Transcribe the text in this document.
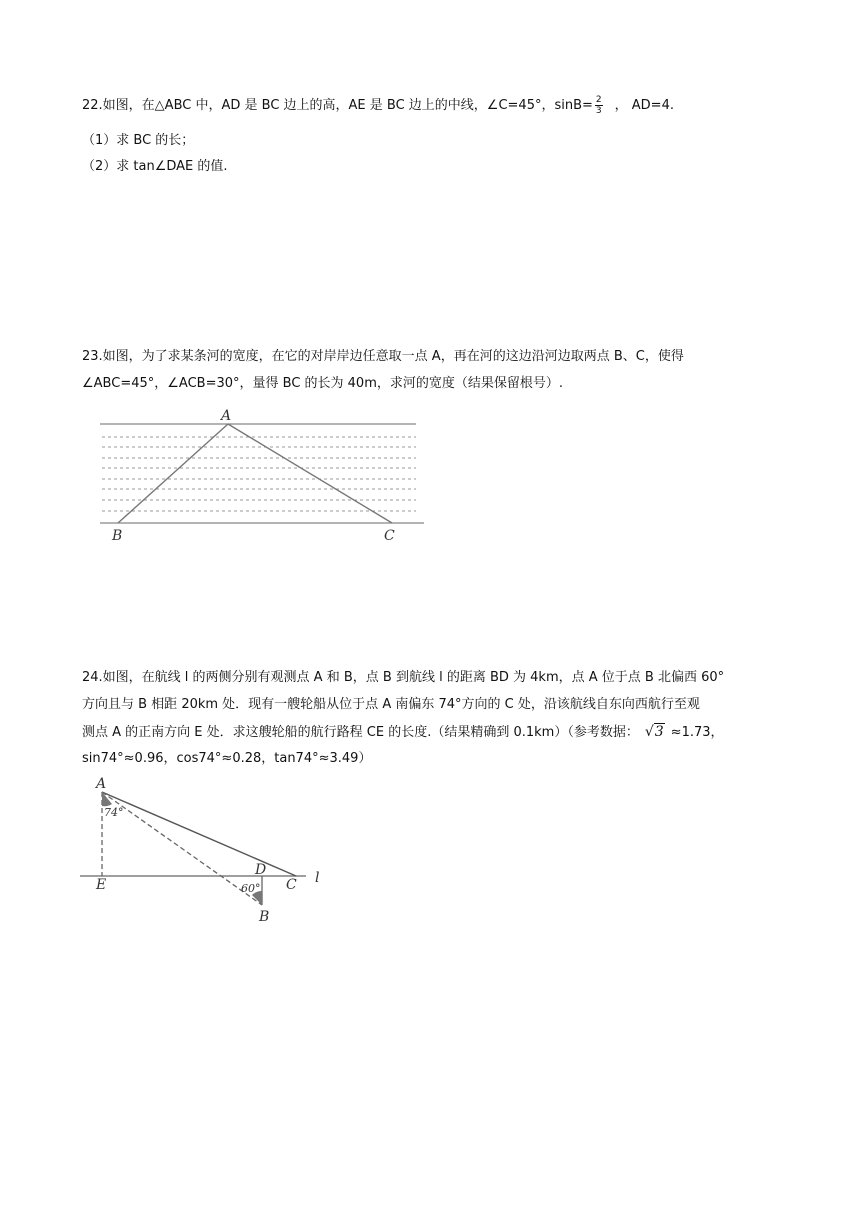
22.如图，在△ABC 中，AD 是 BC 边上的高，AE 是 BC 边上的中线，∠C=45°，$\sin B= \frac{2}{3}$ ， AD=4.
（1）求 BC 的长；
（2）求 tan∠DAE 的值.
23.如图，为了求某条河的宽度，在它的对岸岸边任意取一点 A，再在河的这边沿河边取两点 B、C，使得
∠ABC=45°，∠ACB=30°，量得 BC 的长为 40m，求河的宽度（结果保留根号）.
A
B	C
24.如图，在航线 l 的两侧分别有观测点 A 和 B，点 B 到航线 l 的距离 BD 为 4km，点 A 位于点 B 北偏西 60°
方向且与 B 相距 20km 处．现有一艘轮船从位于点 A 南偏东 74°方向的 C 处，沿该航线自东向西航行至观
测点 A 的正南方向 E 处．求这艘轮船的航行路程 CE 的长度.（结果精确到 0.1km）（参考数据： √3 ≈1.73，
sin74°≈0.96，cos74°≈0.28，tan74°≈3.49）
A
74°
E
D
60° C l
B
